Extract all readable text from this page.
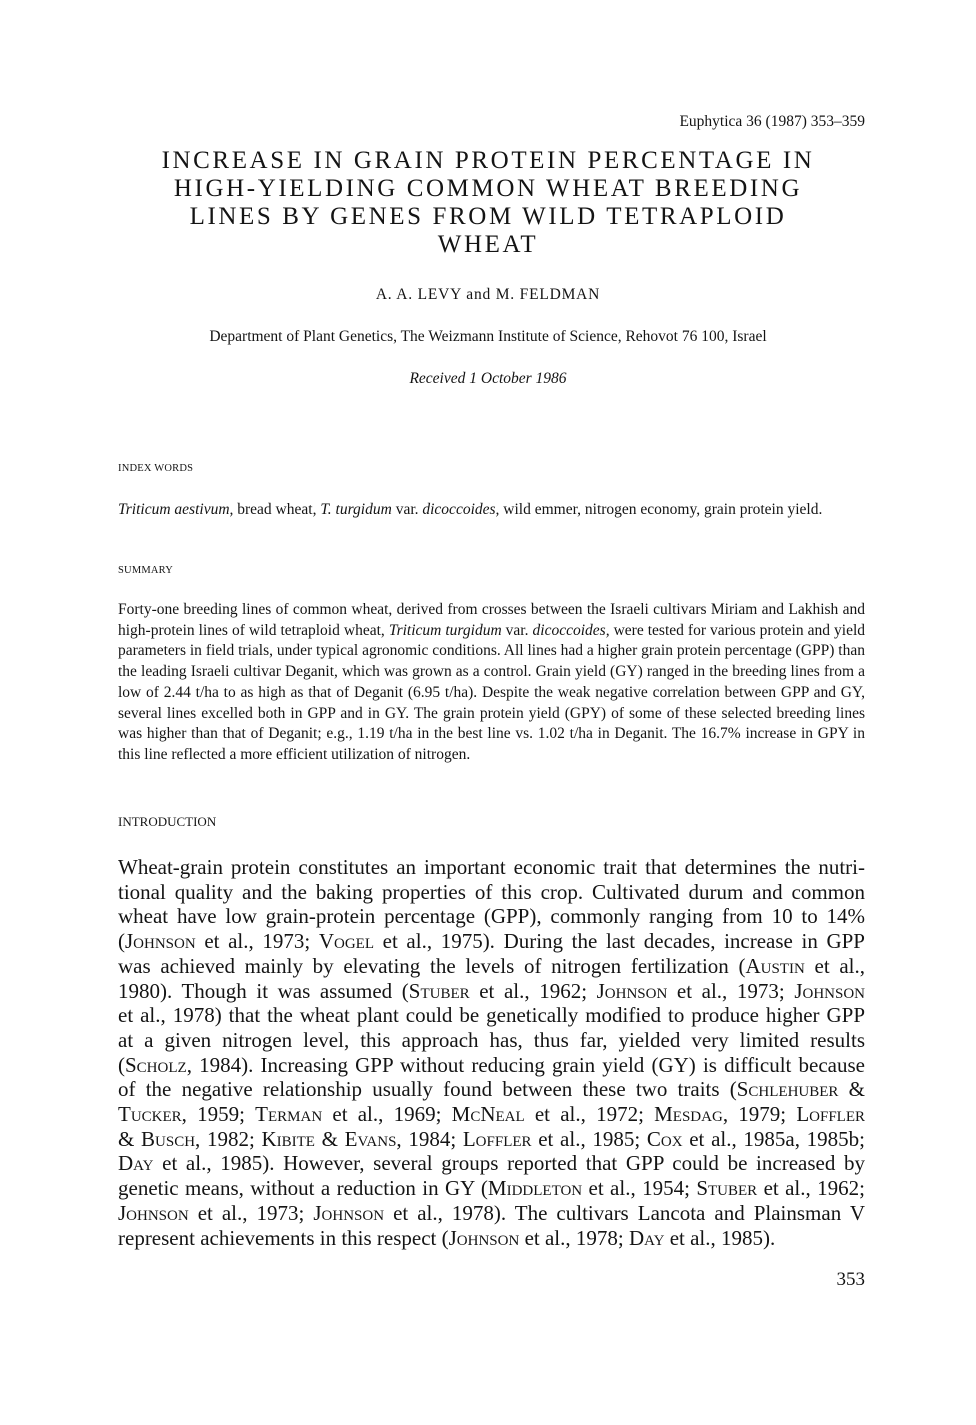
Euphytica 36 (1987) 353–359
INCREASE IN GRAIN PROTEIN PERCENTAGE IN
HIGH-YIELDING COMMON WHEAT BREEDING
LINES BY GENES FROM WILD TETRAPLOID
WHEAT
A. A. LEVY and M. FELDMAN
Department of Plant Genetics, The Weizmann Institute of Science, Rehovot 76 100, Israel
Received 1 October 1986
INDEX WORDS
Triticum aestivum, bread wheat, T. turgidum var. dicoccoides, wild emmer, nitrogen economy, grain protein yield.
SUMMARY
Forty-one breeding lines of common wheat, derived from crosses between the Israeli cultivars Miriam and Lakhish and high-protein lines of wild tetraploid wheat, Triticum turgidum var. dicoccoides, were tested for various protein and yield parameters in field trials, under typical agronomic conditions. All lines had a higher grain protein percentage (GPP) than the leading Israeli cultivar Deganit, which was grown as a control. Grain yield (GY) ranged in the breeding lines from a low of 2.44 t/ha to as high as that of Deganit (6.95 t/ha). Despite the weak negative correlation between GPP and GY, several lines excelled both in GPP and in GY. The grain protein yield (GPY) of some of these selected breeding lines was higher than that of Deganit; e.g., 1.19 t/ha in the best line vs. 1.02 t/ha in Deganit. The 16.7% increase in GPY in this line reflected a more efficient utilization of nitrogen.
INTRODUCTION
Wheat-grain protein constitutes an important economic trait that determines the nutri-
tional quality and the baking properties of this crop. Cultivated durum and common
wheat have low grain-protein percentage (GPP), commonly ranging from 10 to 14%
(Johnson et al., 1973; Vogel et al., 1975). During the last decades, increase in GPP
was achieved mainly by elevating the levels of nitrogen fertilization (Austin et al.,
1980). Though it was assumed (Stuber et al., 1962; Johnson et al., 1973; Johnson
et al., 1978) that the wheat plant could be genetically modified to produce higher GPP
at a given nitrogen level, this approach has, thus far, yielded very limited results
(Scholz, 1984). Increasing GPP without reducing grain yield (GY) is difficult because
of the negative relationship usually found between these two traits (Schlehuber &
Tucker, 1959; Terman et al., 1969; McNeal et al., 1972; Mesdag, 1979; Loffler
& Busch, 1982; Kibite & Evans, 1984; Loffler et al., 1985; Cox et al., 1985a, 1985b;
Day et al., 1985). However, several groups reported that GPP could be increased by
genetic means, without a reduction in GY (Middleton et al., 1954; Stuber et al., 1962;
Johnson et al., 1973; Johnson et al., 1978). The cultivars Lancota and Plainsman V
represent achievements in this respect (Johnson et al., 1978; Day et al., 1985).
353
